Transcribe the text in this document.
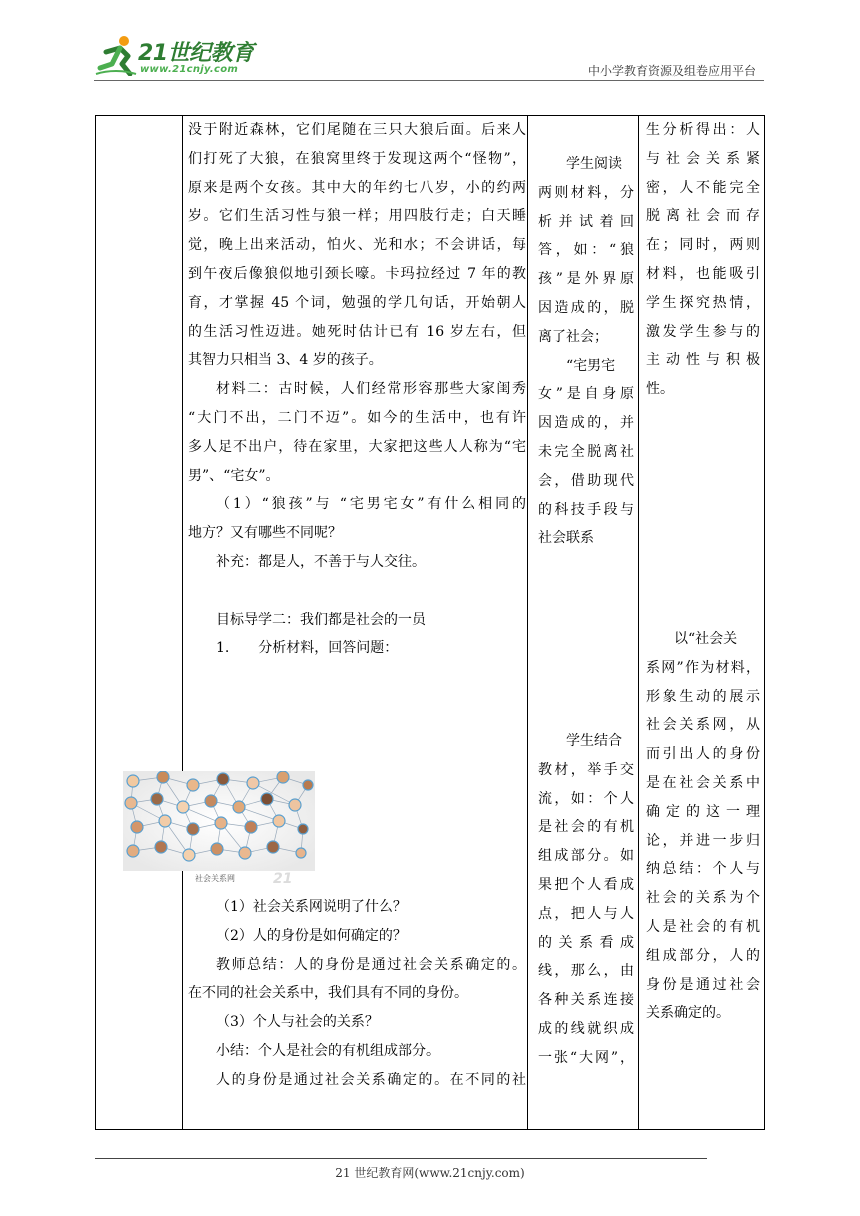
21世纪教育
www.21cnjy.com	中小学教育资源及组卷应用平台

没于附近森林，它们尾随在三只大狼后面。后来人

们打死了大狼，在狼窝里终于发现这两个“怪物”，

原来是两个女孩。其中大的年约七八岁，小的约两

岁。它们生活习性与狼一样；用四肢行走；白天睡

觉，晚上出来活动，怕火、光和水；不会讲话，每

到午夜后像狼似地引颈长嚎。卡玛拉经过 7 年的教

育，才掌握 45 个词，勉强的学几句话，开始朝人

的生活习性迈进。她死时估计已有 16 岁左右，但

其智力只相当 3、4 岁的孩子。

材料二：古时候，人们经常形容那些大家闺秀

“大门不出，二门不迈”。如今的生活中，也有许

多人足不出户，待在家里，大家把这些人人称为“宅

男”、“宅女”。

（1）“狼孩”与 “宅男宅女”有什么相同的

地方？又有哪些不同呢？

补充：都是人，不善于与人交往。

目标导学二：我们都是社会的一员

1. 分析材料，回答问题：

21
社会关系网

（1）社会关系网说明了什么？

（2）人的身份是如何确定的？

教师总结：人的身份是通过社会关系确定的。

在不同的社会关系中，我们具有不同的身份。

（3）个人与社会的关系？

小结：个人是社会的有机组成部分。

人的身份是通过社会关系确定的。在不同的社

学生阅读

两则材料，分

析并试着回

答，如：“狼

孩”是外界原

因造成的，脱

离了社会；

“宅男宅

女”是自身原

因造成的，并

未完全脱离社

会，借助现代

的科技手段与

社会联系

学生结合

教材，举手交

流，如：个人

是社会的有机

组成部分。如

果把个人看成

点，把人与人

的关系看成

线，那么，由

各种关系连接

成的线就织成

一张“大网”，

生分析得出：人

与社会关系紧

密，人不能完全

脱离社会而存

在；同时，两则

材料，也能吸引

学生探究热情，

激发学生参与的

主动性与积极

性。

以“社会关

系网”作为材料，

形象生动的展示

社会关系网，从

而引出人的身份

是在社会关系中

确定的这一理

论，并进一步归

纳总结：个人与

社会的关系为个

人是社会的有机

组成部分，人的

身份是通过社会

关系确定的。

21 世纪教育网(www.21cnjy.com)
